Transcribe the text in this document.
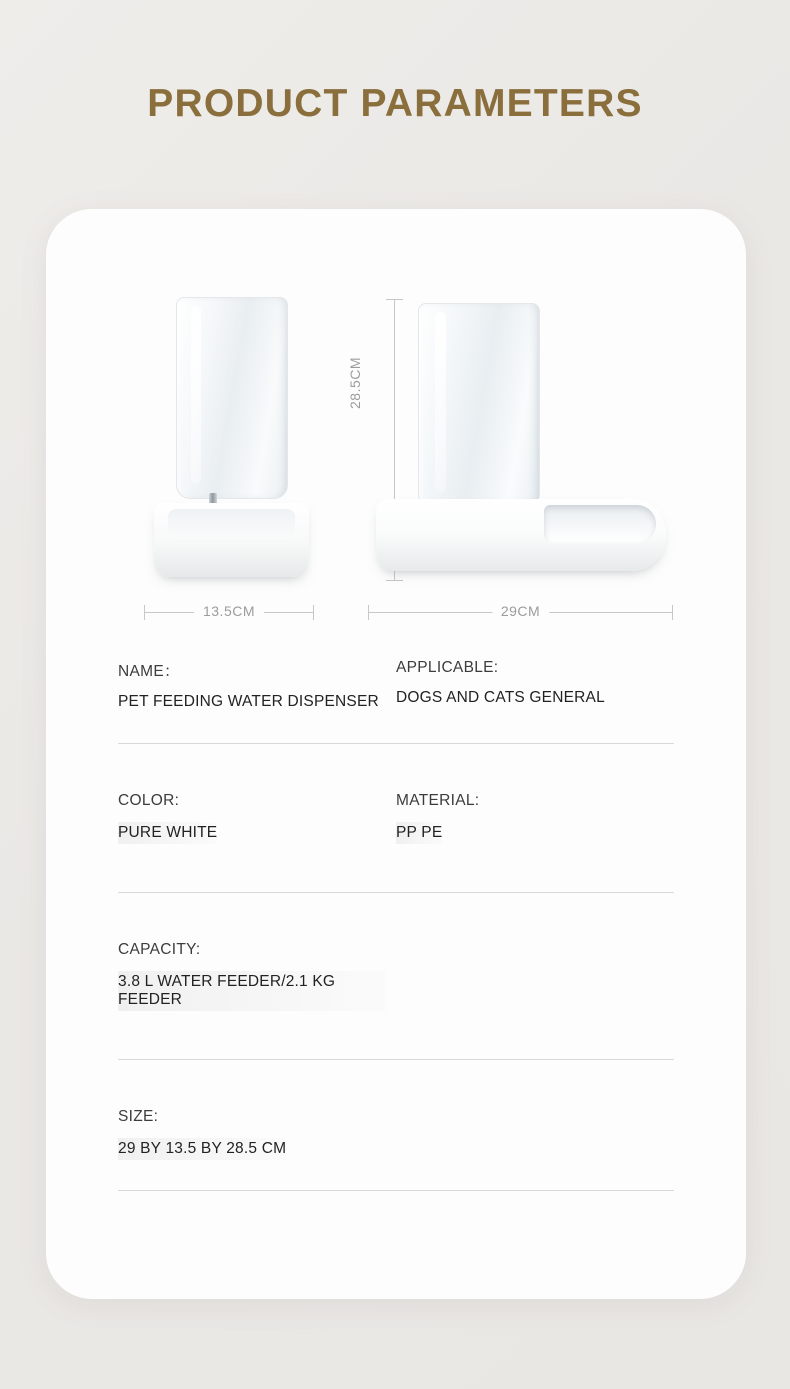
PRODUCT PARAMETERS
28.5CM
13.5CM	29CM
NAME：
PET FEEDING WATER DISPENSER
APPLICABLE:
DOGS AND CATS GENERAL
COLOR:
PURE WHITE
MATERIAL:
PP PE
CAPACITY:
3.8 L WATER FEEDER/2.1 KG FEEDER
SIZE:
29 BY 13.5 BY 28.5 CM
